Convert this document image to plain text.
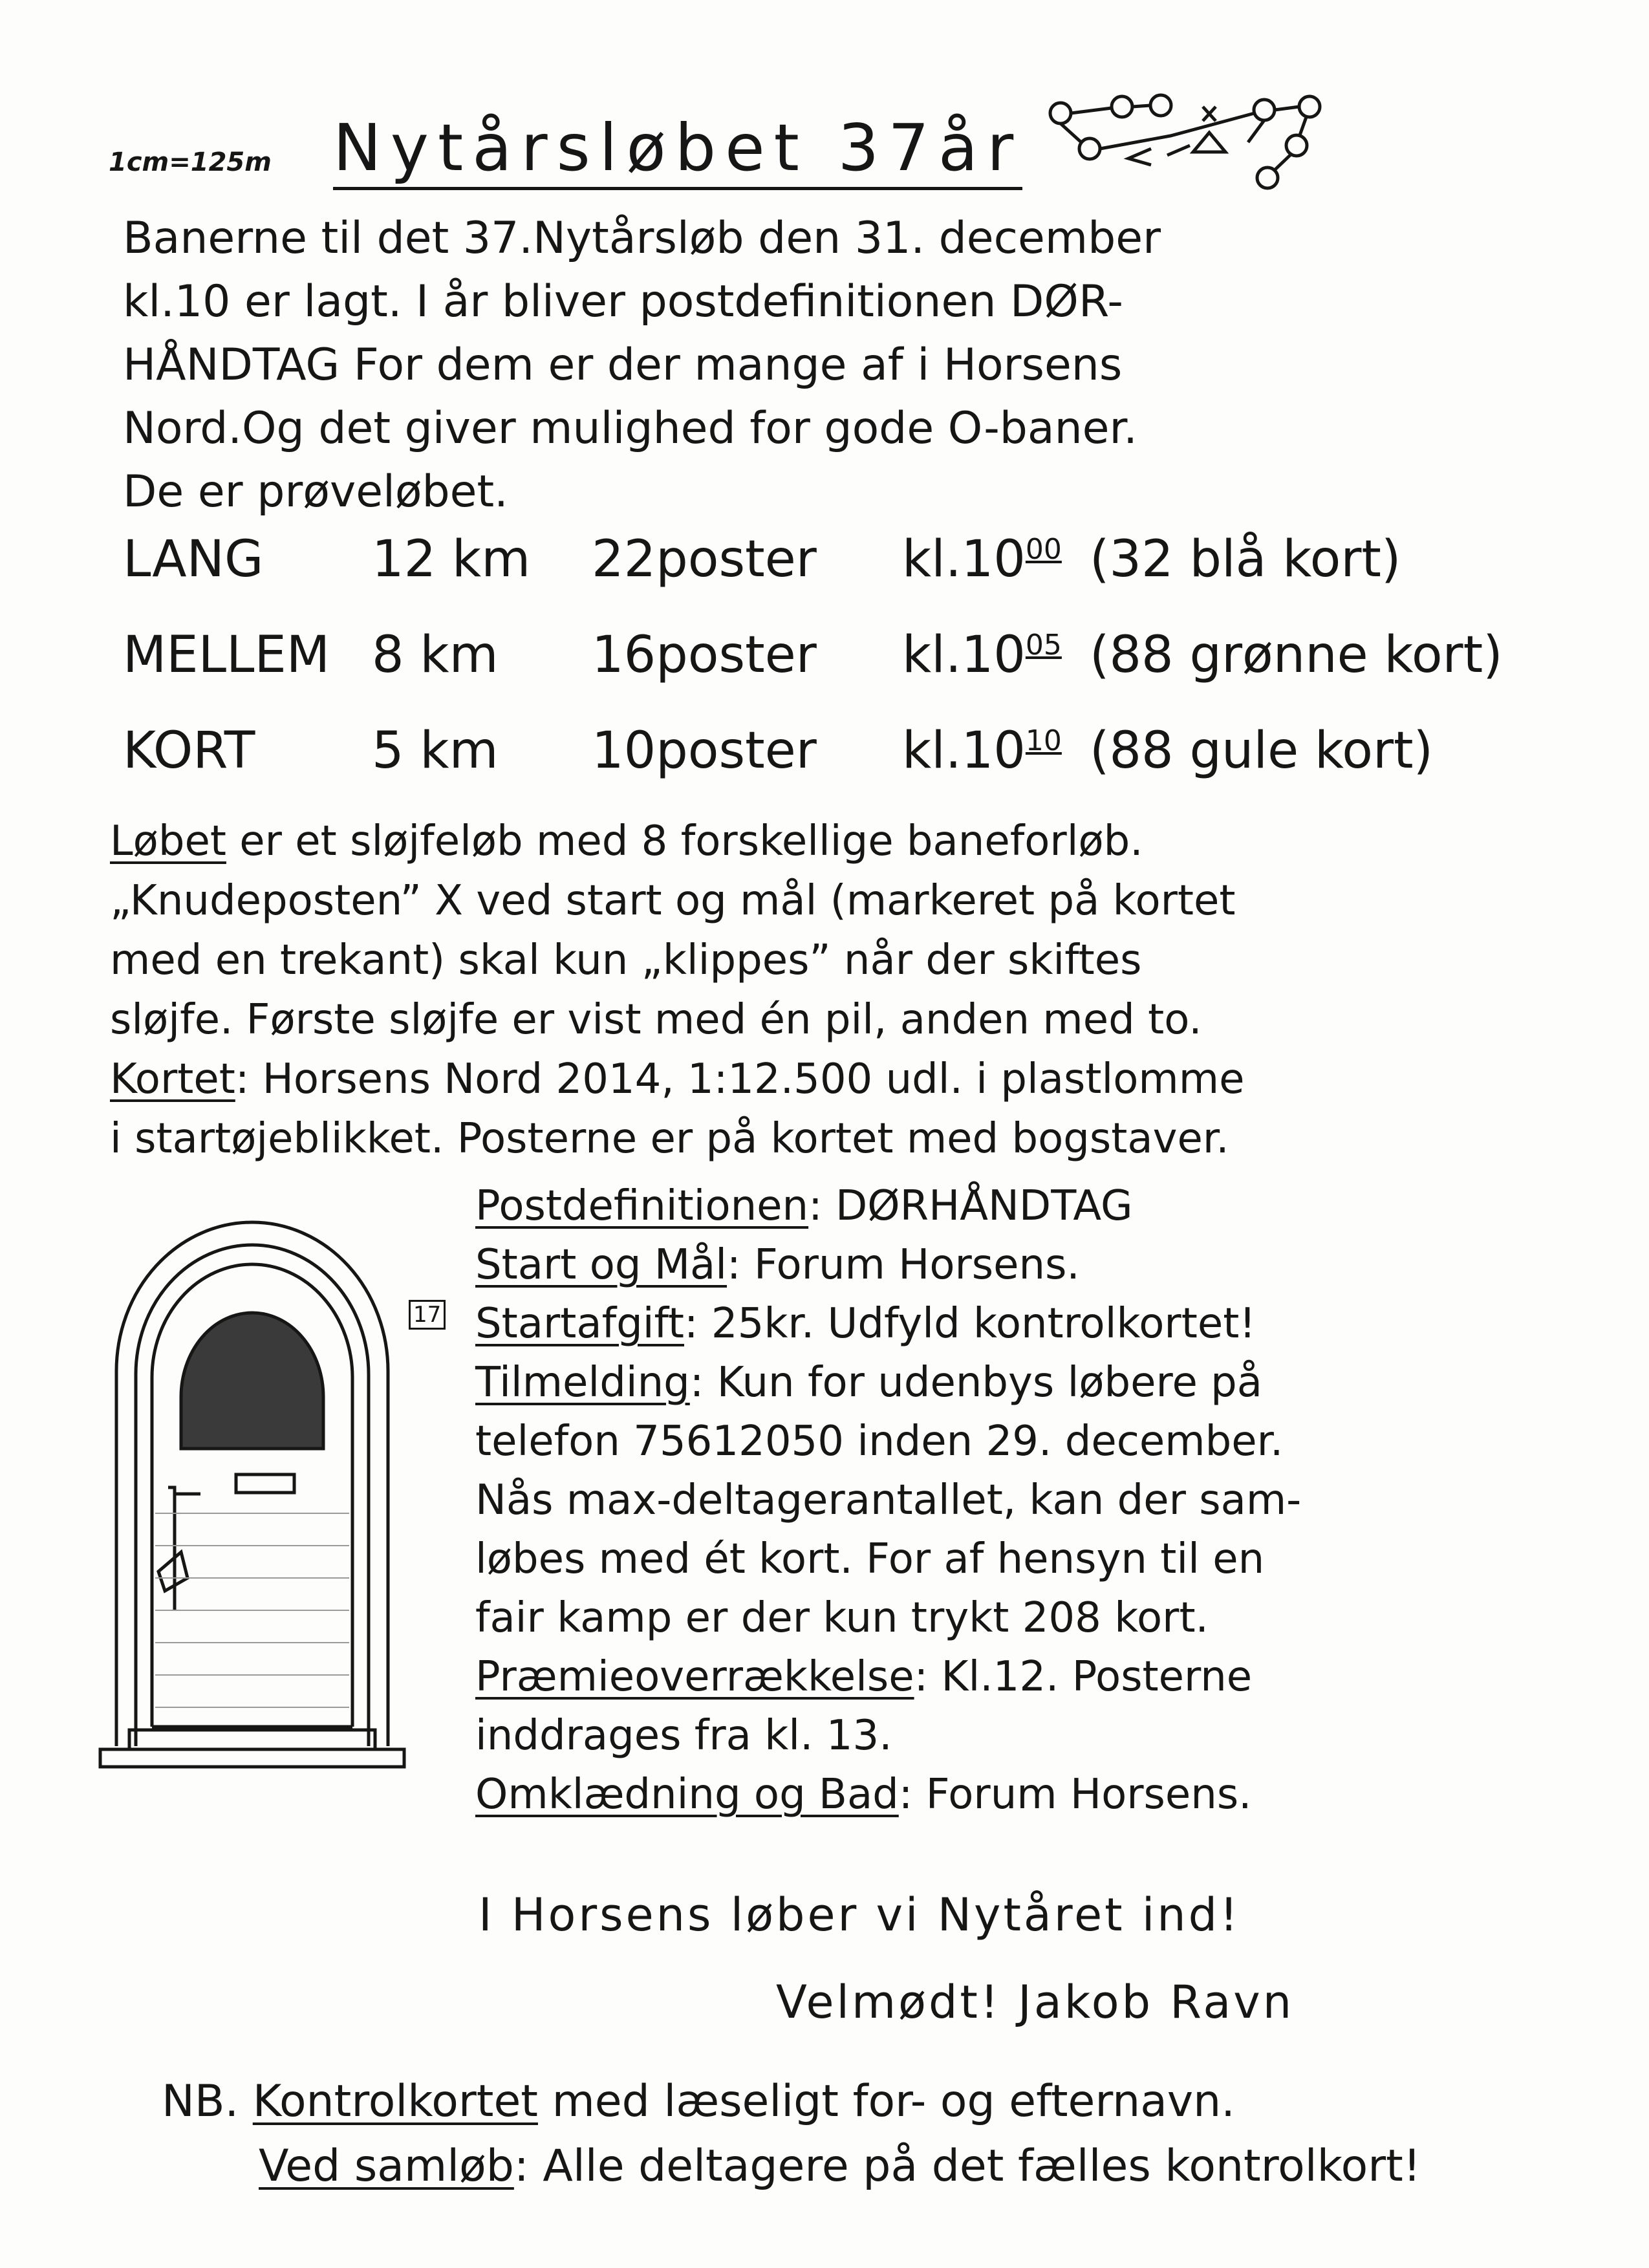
1cm=125m Nytårsløbet 37år
Banerne til det 37.Nytårsløb den 31. december
kl.10 er lagt. I år bliver postdefinitionen DØR-
HÅNDTAG For dem er der mange af i Horsens
Nord.Og det giver mulighed for gode O-baner.
De er prøveløbet.
LANG 12 km 22poster $kl.10^{00}$ (32 blå kort)
MELLEM 8 km 16poster $kl.10^{05}$ (88 grønne kort)
KORT 5 km 10poster $kl.10^{10}$ (88 gule kort)
Løbet er et sløjfeløb med 8 forskellige baneforløb.
„Knudeposten” X ved start og mål (markeret på kortet
med en trekant) skal kun „klippes” når der skiftes
sløjfe. Første sløjfe er vist med én pil, anden med to.
Kortet: Horsens Nord 2014, 1:12.500 udl. i plastlomme
i startøjeblikket. Posterne er på kortet med bogstaver.
17
Postdefinitionen: DØRHÅNDTAG
Start og Mål: Forum Horsens.
Startafgift: 25kr. Udfyld kontrolkortet!
Tilmelding: Kun for udenbys løbere på
telefon 75612050 inden 29. december.
Nås max-deltagerantallet, kan der sam-
løbes med ét kort. For af hensyn til en
fair kamp er der kun trykt 208 kort.
Præmieoverrækkelse: Kl.12. Posterne
inddrages fra kl. 13.
Omklædning og Bad: Forum Horsens.
I Horsens løber vi Nytåret ind!
Velmødt! Jakob Ravn
NB. Kontrolkortet med læseligt for- og efternavn.
Ved samløb: Alle deltagere på det fælles kontrolkort!
